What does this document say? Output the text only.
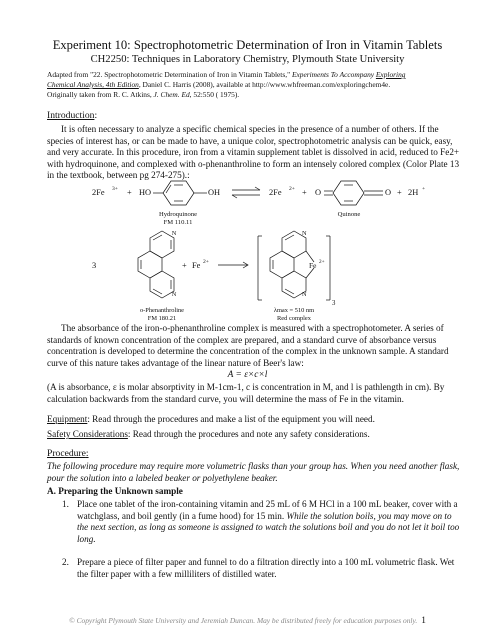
Experiment 10: Spectrophotometric Determination of Iron in Vitamin Tablets
CH2250: Techniques in Laboratory Chemistry, Plymouth State University
Adapted from "22. Spectrophotometric Determination of Iron in Vitamin Tablets," Experiments To Accompany Exploring
Chemical Analysis, 4th Edition, Daniel C. Harris (2008), available at http://www.whfreeman.com/exploringchem4e.
Originally taken from R. C. Atkins, J. Chem. Ed, 52:550 ( 1975).
Introduction:
It is often necessary to analyze a specific chemical species in the presence of a number of others. If the species of interest has, or can be made to have, a unique color, spectrophotometric analysis can be quick, easy, and very accurate. In this procedure, iron from a vitamin supplement tablet is dissolved in acid, reduced to Fe2+ with hydroquinone, and complexed with o-phenanthroline to form an intensely colored complex (Color Plate 13 in the textbook, between pg 274-275).:
2Fe 3+ + HO	OH	2Fe 2+ + O	O + 2H +
Hydroquinone
FM 110.11
Quinone
3	+ Fe 2+
N
N
o-Phenanthroline
FM 180.21
N
N
Fe 2+
3
λmax = 510 nm
Red complex
The absorbance of the iron-o-phenanthroline complex is measured with a spectrophotometer. A series of standards of known concentration of the complex are prepared, and a standard curve of absorbance versus concentration is developed to determine the concentration of the complex in the unknown sample. A standard curve of this nature takes advantage of the linear nature of Beer's law:
A = ε×c×l
(A is absorbance, ε is molar absorptivity in M-1cm-1, c is concentration in M, and l is pathlength in cm). By calculation backwards from the standard curve, you will determine the mass of Fe in the vitamin.
Equipment: Read through the procedures and make a list of the equipment you will need.
Safety Considerations: Read through the procedures and note any safety considerations.
Procedure:
The following procedure may require more volumetric flasks than your group has. When you need another flask, pour the solution into a labeled beaker or polyethylene beaker.
A. Preparing the Unknown sample
1. Place one tablet of the iron-containing vitamin and 25 mL of 6 M HCl in a 100 mL beaker, cover with a watchglass, and boil gently (in a fume hood) for 15 min. While the solution boils, you may move on to the next section, as long as someone is assigned to watch the solutions boil and you do not let it boil too long.
2. Prepare a piece of filter paper and funnel to do a filtration directly into a 100 mL volumetric flask. Wet the filter paper with a few milliliters of distilled water.
© Copyright Plymouth State University and Jeremiah Duncan. May be distributed freely for education purposes only. 1
